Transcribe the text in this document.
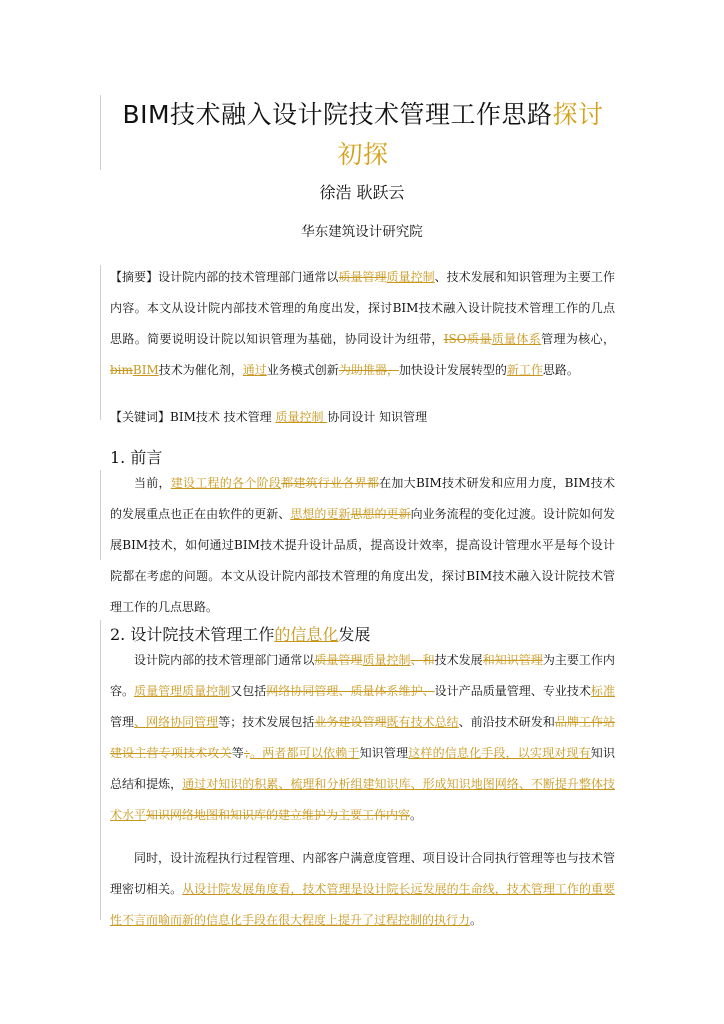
BIM技术融入设计院技术管理工作思路探讨
初探
徐浩 耿跃云
华东建筑设计研究院
【摘要】设计院内部的技术管理部门通常以质量管理质量控制、技术发展和知识管理为主要工作内容。本文从设计院内部技术管理的角度出发，探讨BIM技术融入设计院技术管理工作的几点思路。简要说明设计院以知识管理为基础，协同设计为纽带，ISO质量质量体系管理为核心，bimBIM技术为催化剂，通过业务模式创新为助推器，加快设计发展转型的新工作思路。
【关键词】BIM技术 技术管理 质量控制 协同设计 知识管理
1. 前言
当前，建设工程的各个阶段都建筑行业各界都在加大BIM技术研发和应用力度，BIM技术的发展重点也正在由软件的更新、思想的更新思想的更新向业务流程的变化过渡。设计院如何发展BIM技术，如何通过BIM技术提升设计品质，提高设计效率，提高设计管理水平是每个设计院都在考虑的问题。本文从设计院内部技术管理的角度出发，探讨BIM技术融入设计院技术管理工作的几点思路。
2. 设计院技术管理工作的信息化发展
设计院内部的技术管理部门通常以质量管理质量控制、和技术发展和知识管理为主要工作内容。质量管理质量控制又包括网络协同管理、质量体系维护、设计产品质量管理、专业技术标准管理、网络协同管理等；技术发展包括业务建设管理既有技术总结、前沿技术研发和品牌工作站建设主营专项技术攻关等；。两者都可以依赖于知识管理这样的信息化手段，以实现对现有知识总结和提炼，通过对知识的积累、梳理和分析组建知识库、形成知识地图网络、不断提升整体技术水平知识网络地图和知识库的建立维护为主要工作内容。
同时，设计流程执行过程管理、内部客户满意度管理、项目设计合同执行管理等也与技术管理密切相关。从设计院发展角度看，技术管理是设计院长远发展的生命线，技术管理工作的重要性不言而喻而新的信息化手段在很大程度上提升了过程控制的执行力。
